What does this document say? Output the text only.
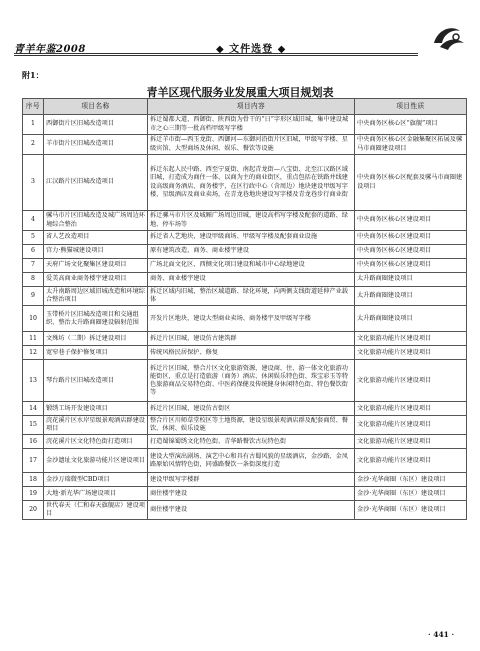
青羊年鉴2008	◆ 文件选登 ◆
附1：
青羊区现代服务业发展重大项目规划表
序号	项目名称	项目内容	项目性质
1	西御街片区旧城改造项目	拆迁蜀都大道、西御街、陕西街为骨干的“日”字形区域旧城，集中建设城市之心三期等一批高档甲级写字楼	中央商务区核心区“旗舰”项目
2	羊市街片区旧城改造项目	拆迁羊市街—西玉龙街、西御河—东御河沿街片区旧城，甲级写字楼、星级宾馆、大型商场及休闲、娱乐、餐饮等设施	中央商务区核心区金融集聚区拓展及骡马市商圈建设项目
3	江汉路片区旧城改造项目	拆迁东起人民中路、西至宁夏街、南起青龙街—八宝街、北至江汉路区域旧城，打造成为商住一体、以商为主的商业街区，重点包括在铁路并线建设高级商务酒店、商务楼宇，在区行政中心（含周边）地块建设甲级写字楼、星级酒店及商业卖场，在青龙巷地块建设写字楼及青龙巷步行商业街	中央商务区核心区配套及骡马市商圈建设项目
4	骡马市片区旧城改造及城广场周边环境综合整治	拆迁骡马市片区及城厢广场周边旧城，建设高档写字楼及配套的道路、绿地、停车场等	中央商务区核心区建设项目
5	省人艺改造项目	拆迁省人艺地块，建设甲级商场、甲级写字楼及配套商业设施	中央商务区核心区建设项目
6	宫力·熊猫城建设项目	原有建筑改造，商务、商业楼宇建设	中央商务区核心区建设项目
7	天府广场文化聚集区建设项目	广场北面文化区、西侧文化项目建设和城市中心绿地建设	中央商务区核心区建设项目
8	爱美高商业商务楼宇建设项目	商务、商业楼宇建设	太升路商圈建设项目
9	太升南路周边区域旧城改造和环境综合整治项目	拆迁区域内旧城，整治区域道路、绿化环境，向两侧支线街道延伸产业载体	太升路商圈建设项目
10	玉带桥片区旧城改造项目和交通组织、整治太升路商圈建设辐射范围	开发片区地块，建设大型商业卖场、商务楼宇及甲级写字楼	太升路商圈建设项目
11	文殊坊（二期）拆迁建设项目	拆迁片区旧城，建设仿古建筑群	文化旅游功能片区建设项目
12	宽窄巷子保护修复项目	传统风格民居保护、修复	文化旅游功能片区建设项目
13	琴台路片区旧城改造项目	拆迁片区旧城，整合片区文化旅游资源，建设商、住、游一体文化旅游功能街区，重点是打造旅游（商务）酒店、休闲娱乐特色街、珠宝彩玉等特色旅游商品交易特色街、中医药保健及传统健身休闲特色街、特色餐饮街等	文化旅游功能片区建设项目
14	锻绣工场开发建设项目	拆迁片区旧城，建设仿古街区	文化旅游功能片区建设项目
15	浣花溪片区水岸星级景观酒店群建设项目	整合片区川师草堂校区等土地资源，建设星级景观酒店群及配套商贸、餐饮、休闲、娱乐设施	文化旅游功能片区建设项目
16	浣花溪片区文化特色街打造项目	打造蜀锦蜀绣文化特色街、青华路餐饮古玩特色街	文化旅游功能片区建设项目
17	金沙遗址文化旅游功能片区建设项目	建设大型演出剧场、演艺中心和具有古蜀风貌的星级酒店，金沙路、金凤路原始风情特色街，同盛路餐饮一条街深度打造	文化旅游功能片区建设项目
18	金沙万瑞微型CBD项目	建设甲级写字楼群	金沙·光华商圈（东区）建设项目
19	大地·新光华广场建设项目	商住楼宇建设	金沙·光华商圈（东区）建设项目
20	世代春天（仁和春天旗舰店）建设项目	商住楼宇建设	金沙·光华商圈（东区）建设项目
· 441 ·
